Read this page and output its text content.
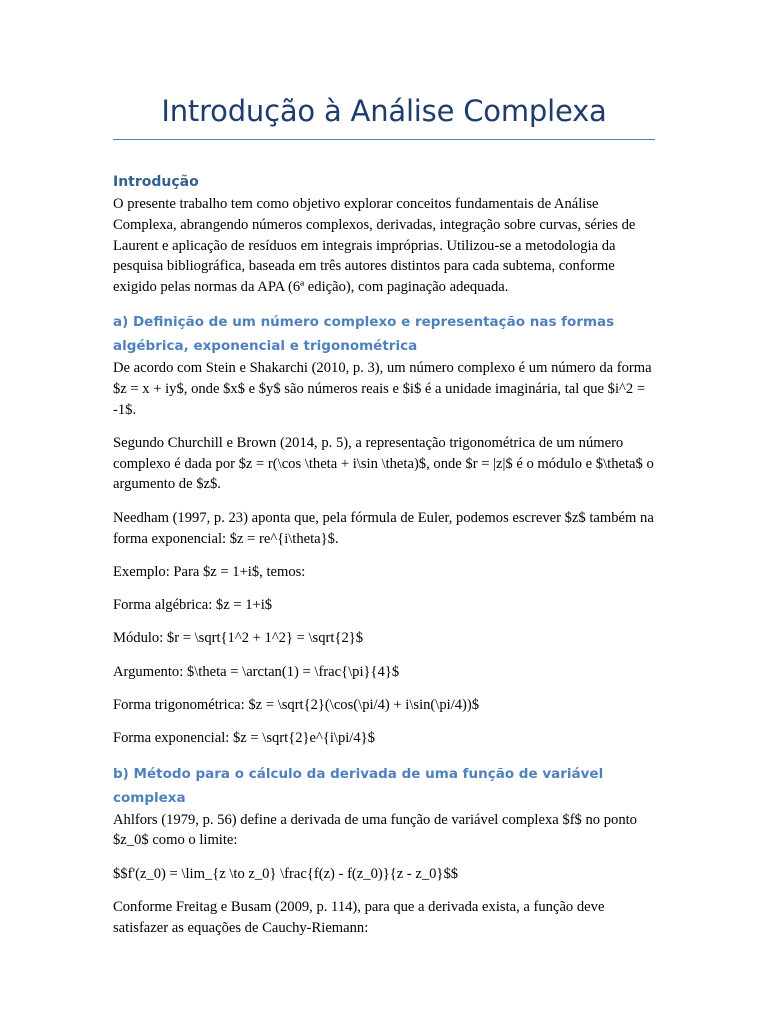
Introdução à Análise Complexa
Introdução

O presente trabalho tem como objetivo explorar conceitos fundamentais de Análise Complexa, abrangendo números complexos, derivadas, integração sobre curvas, séries de Laurent e aplicação de resíduos em integrais impróprias. Utilizou-se a metodologia da pesquisa bibliográfica, baseada em três autores distintos para cada subtema, conforme exigido pelas normas da APA (6ª edição), com paginação adequada.

a) Definição de um número complexo e representação nas formas algébrica, exponencial e trigonométrica

De acordo com Stein e Shakarchi (2010, p. 3), um número complexo é um número da forma $z = x + iy$, onde $x$ e $y$ são números reais e $i$ é a unidade imaginária, tal que $i^2 = -1$.

Segundo Churchill e Brown (2014, p. 5), a representação trigonométrica de um número complexo é dada por $z = r(\cos \theta + i\sin \theta)$, onde $r = |z|$ é o módulo e $\theta$ o argumento de $z$.

Needham (1997, p. 23) aponta que, pela fórmula de Euler, podemos escrever $z$ também na forma exponencial: $z = re^{i\theta}$.

Exemplo: Para $z = 1+i$, temos:

Forma algébrica: $z = 1+i$

Módulo: $r = \sqrt{1^2 + 1^2} = \sqrt{2}$

Argumento: $\theta = \arctan(1) = \frac{\pi}{4}$

Forma trigonométrica: $z = \sqrt{2}(\cos(\pi/4) + i\sin(\pi/4))$

Forma exponencial: $z = \sqrt{2}e^{i\pi/4}$

b) Método para o cálculo da derivada de uma função de variável complexa

Ahlfors (1979, p. 56) define a derivada de uma função de variável complexa $f$ no ponto $z_0$ como o limite:

$$f'(z_0) = \lim_{z \to z_0} \frac{f(z) - f(z_0)}{z - z_0}$$

Conforme Freitag e Busam (2009, p. 114), para que a derivada exista, a função deve satisfazer as equações de Cauchy-Riemann:
